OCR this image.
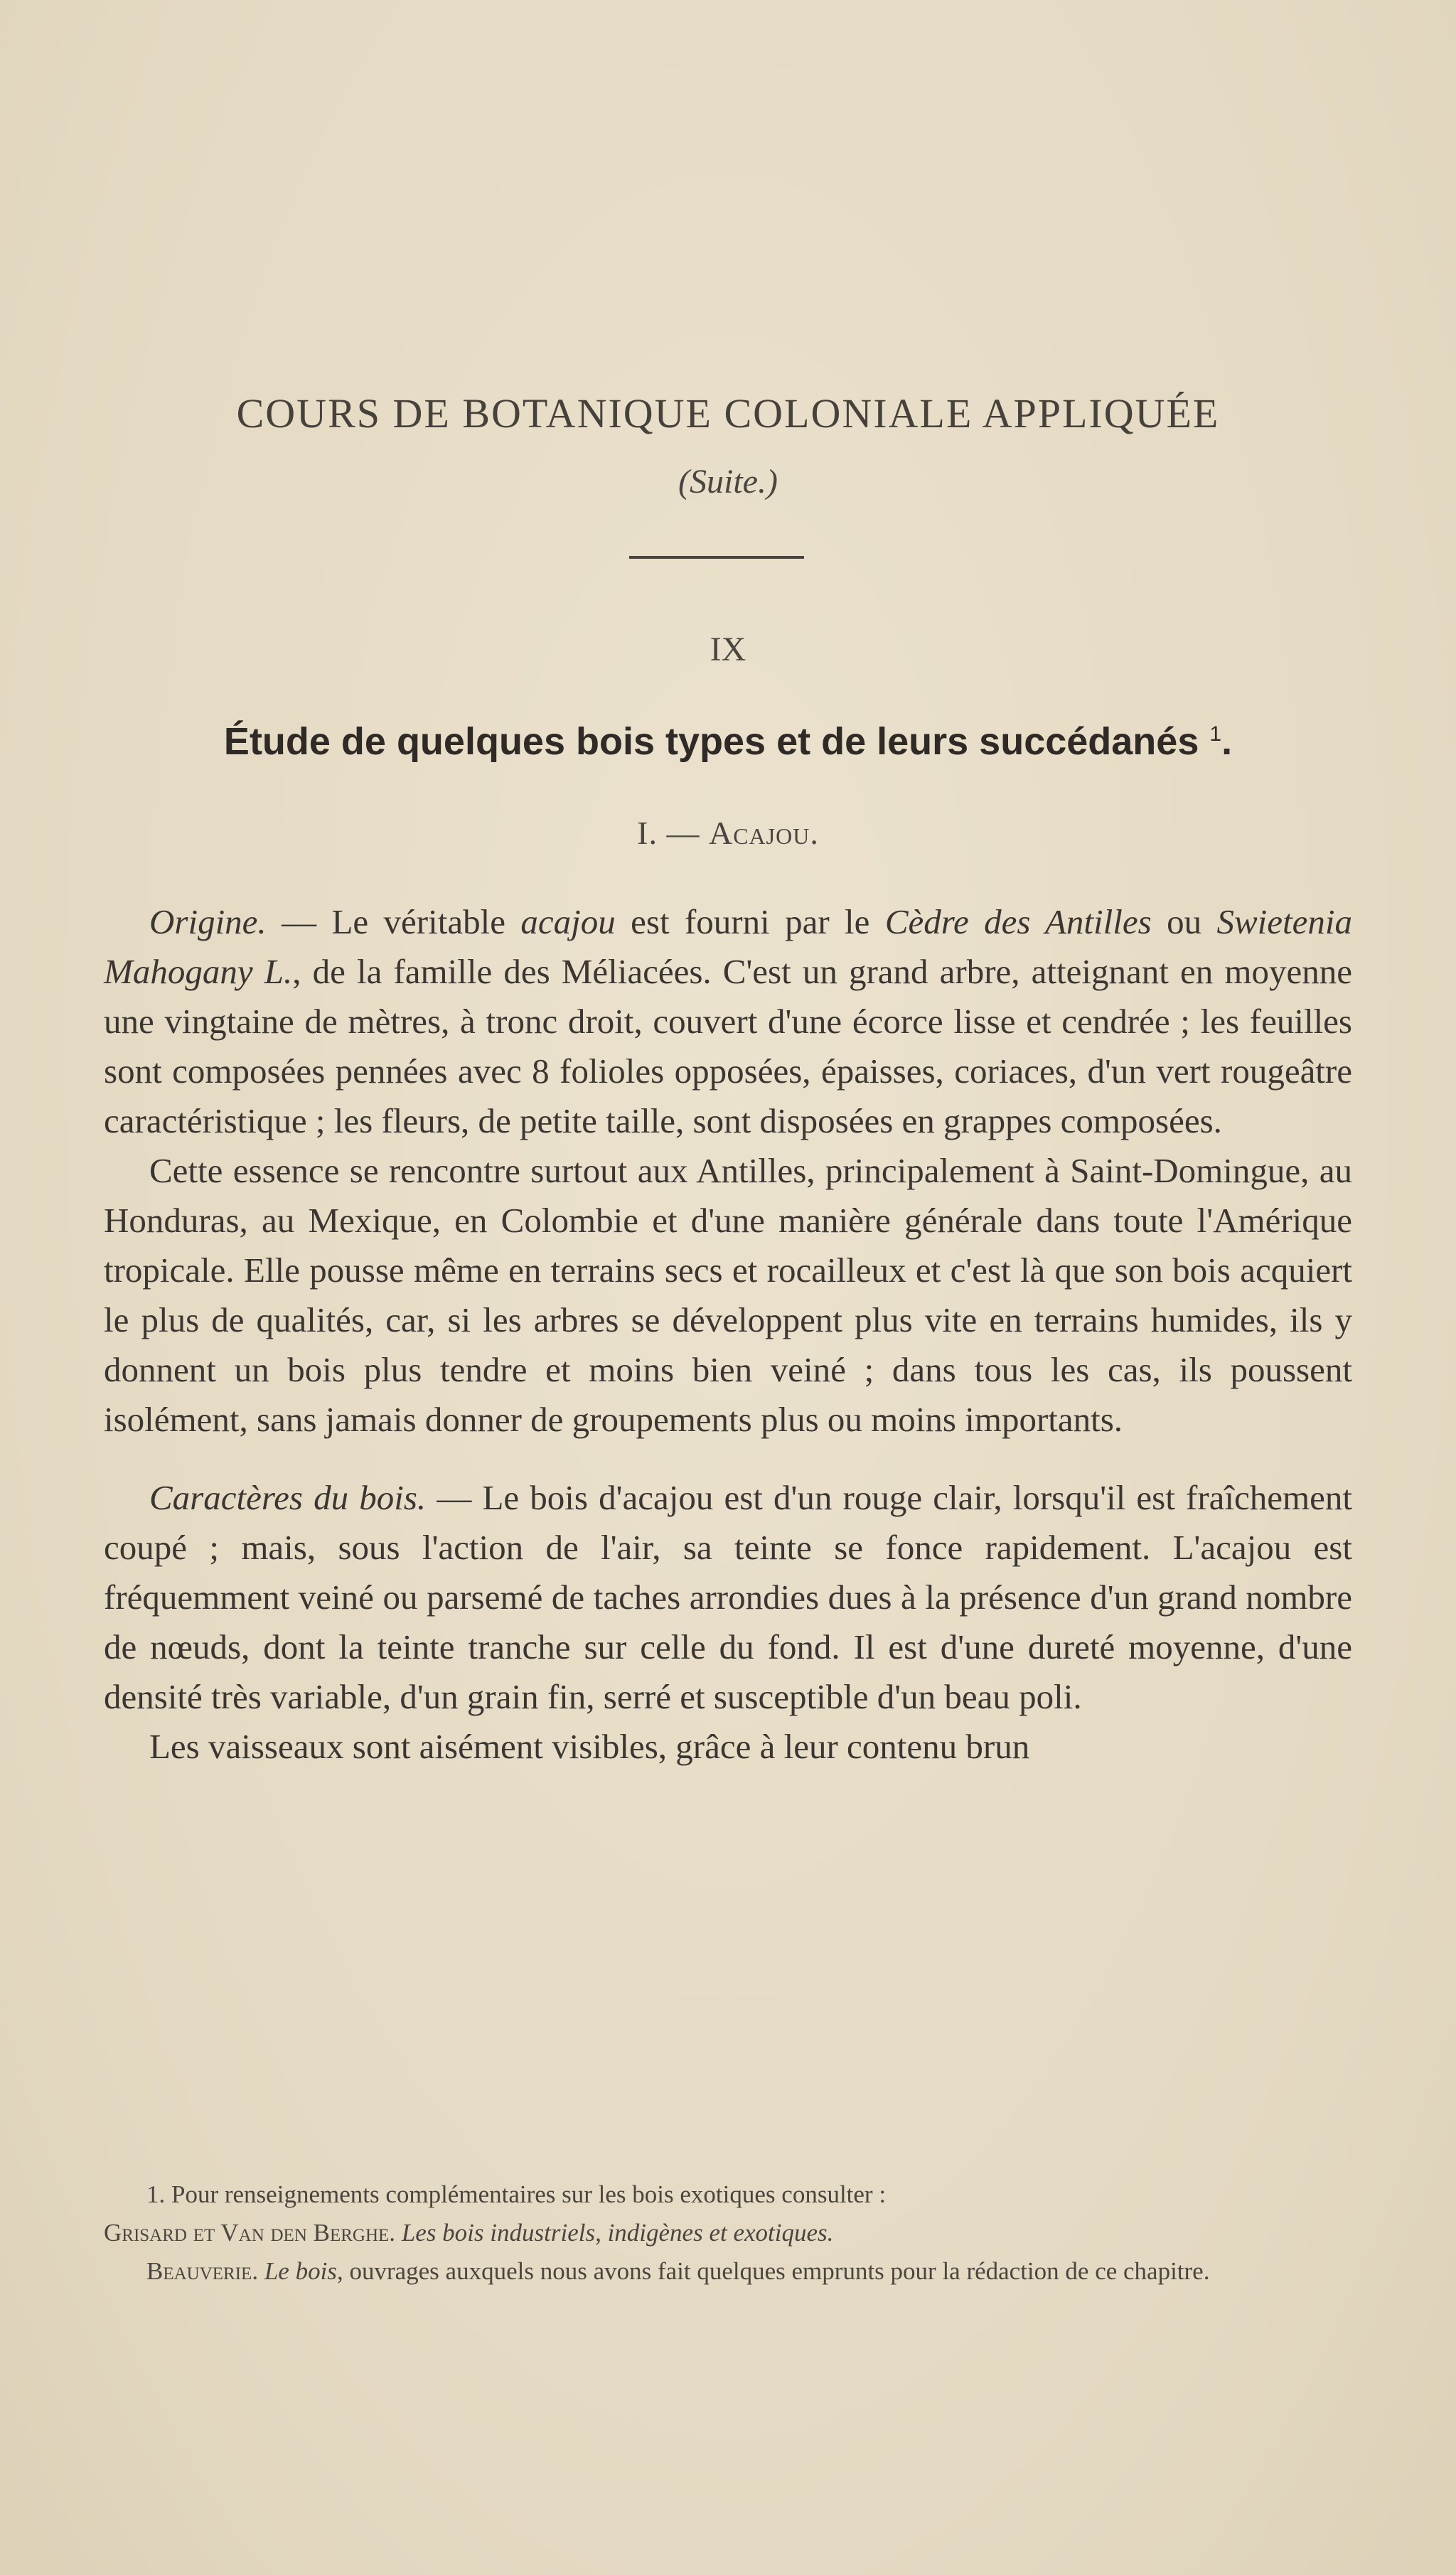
COURS DE BOTANIQUE COLONIALE APPLIQUÉE
(Suite.)
IX
Étude de quelques bois types et de leurs succédanés $^1$.
I. — Acajou.

Origine. — Le véritable acajou est fourni par le Cèdre des Antilles ou Swietenia Mahogany L., de la famille des Méliacées. C'est un grand arbre, atteignant en moyenne une vingtaine de mètres, à tronc droit, couvert d'une écorce lisse et cendrée ; les feuilles sont composées pennées avec 8 folioles opposées, épaisses, coriaces, d'un vert rougeâtre caractéristique ; les fleurs, de petite taille, sont disposées en grappes composées.

Cette essence se rencontre surtout aux Antilles, principalement à Saint-Domingue, au Honduras, au Mexique, en Colombie et d'une manière générale dans toute l'Amérique tropicale. Elle pousse même en terrains secs et rocailleux et c'est là que son bois acquiert le plus de qualités, car, si les arbres se développent plus vite en terrains humides, ils y donnent un bois plus tendre et moins bien veiné ; dans tous les cas, ils poussent isolément, sans jamais donner de groupements plus ou moins importants.

Caractères du bois. — Le bois d'acajou est d'un rouge clair, lorsqu'il est fraîchement coupé ; mais, sous l'action de l'air, sa teinte se fonce rapidement. L'acajou est fréquemment veiné ou parsemé de taches arrondies dues à la présence d'un grand nombre de nœuds, dont la teinte tranche sur celle du fond. Il est d'une dureté moyenne, d'une densité très variable, d'un grain fin, serré et susceptible d'un beau poli.

Les vaisseaux sont aisément visibles, grâce à leur contenu brun

1. Pour renseignements complémentaires sur les bois exotiques consulter :
Grisard et Van den Berghe. Les bois industriels, indigènes et exotiques.

Beauverie. Le bois, ouvrages auxquels nous avons fait quelques emprunts pour la rédaction de ce chapitre.
